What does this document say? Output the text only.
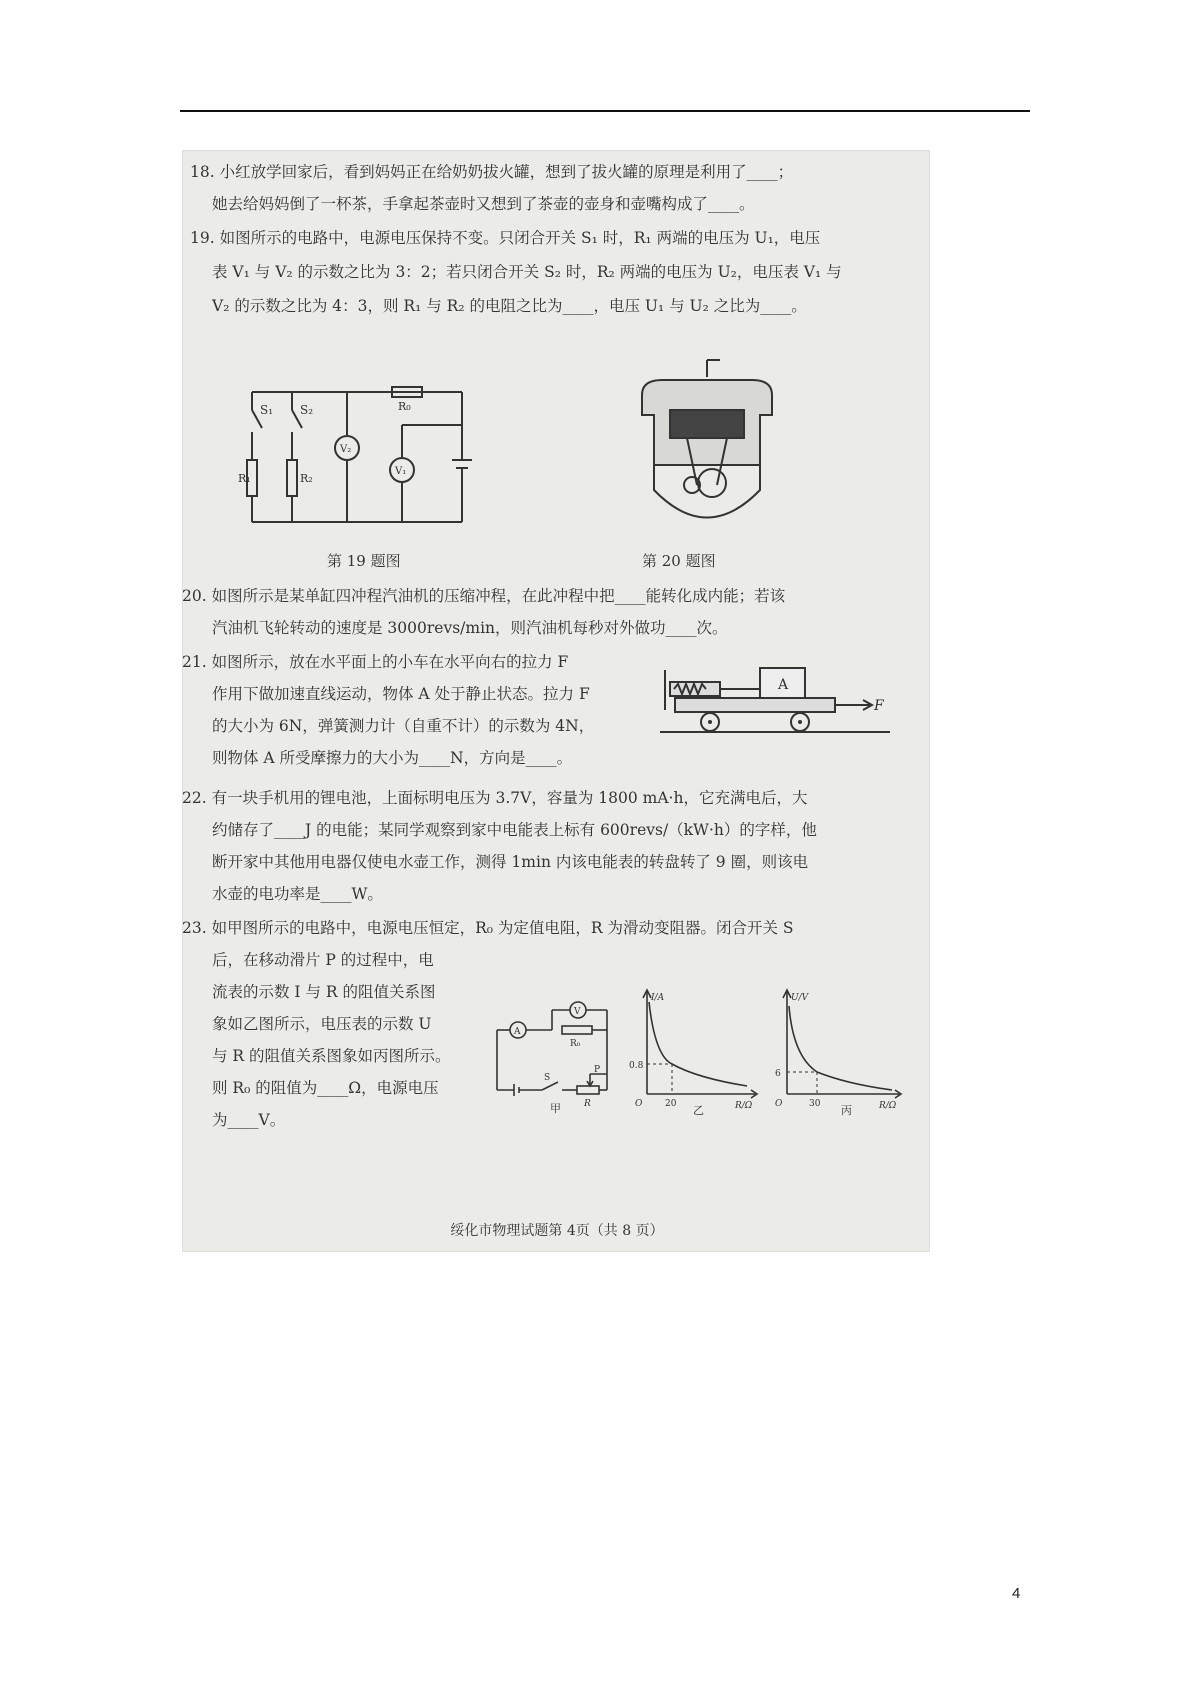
18. 小红放学回家后，看到妈妈正在给奶奶拔火罐，想到了拔火罐的原理是利用了____；
她去给妈妈倒了一杯茶，手拿起茶壶时又想到了茶壶的壶身和壶嘴构成了____。
19. 如图所示的电路中，电源电压保持不变。只闭合开关 S₁ 时，R₁ 两端的电压为 U₁，电压
表 V₁ 与 V₂ 的示数之比为 3：2；若只闭合开关 S₂ 时，R₂ 两端的电压为 U₂，电压表 V₁ 与
V₂ 的示数之比为 4：3，则 R₁ 与 R₂ 的电阻之比为____，电压 U₁ 与 U₂ 之比为____。
S₁ S₂
R₁	R₂
R₀
V₂
V₁
第 19 题图	第 20 题图
20. 如图所示是某单缸四冲程汽油机的压缩冲程，在此冲程中把____能转化成内能；若该
汽油机飞轮转动的速度是 3000revs/min，则汽油机每秒对外做功____次。
21. 如图所示，放在水平面上的小车在水平向右的拉力 F
作用下做加速直线运动，物体 A 处于静止状态。拉力 F
的大小为 6N，弹簧测力计（自重不计）的示数为 4N，
则物体 A 所受摩擦力的大小为____N，方向是____。
A
F
22. 有一块手机用的锂电池，上面标明电压为 3.7V，容量为 1800 mA·h，它充满电后，大
约储存了____J 的电能；某同学观察到家中电能表上标有 600revs/（kW·h）的字样，他
断开家中其他用电器仅使电水壶工作，测得 1min 内该电能表的转盘转了 9 圈，则该电
水壶的电功率是____W。
23. 如甲图所示的电路中，电源电压恒定，R₀ 为定值电阻，R 为滑动变阻器。闭合开关 S
后，在移动滑片 P 的过程中，电
流表的示数 I 与 R 的阻值关系图
象如乙图所示，电压表的示数 U
与 R 的阻值关系图象如丙图所示。
则 R₀ 的阻值为____Ω，电源电压
为____V。
A
V
R₀
S
R
P
甲
I/A
R/Ω
O
0.8
20 乙
U/V
R/Ω
O
6
30 丙
绥化市物理试题第 4页（共 8 页）
4
